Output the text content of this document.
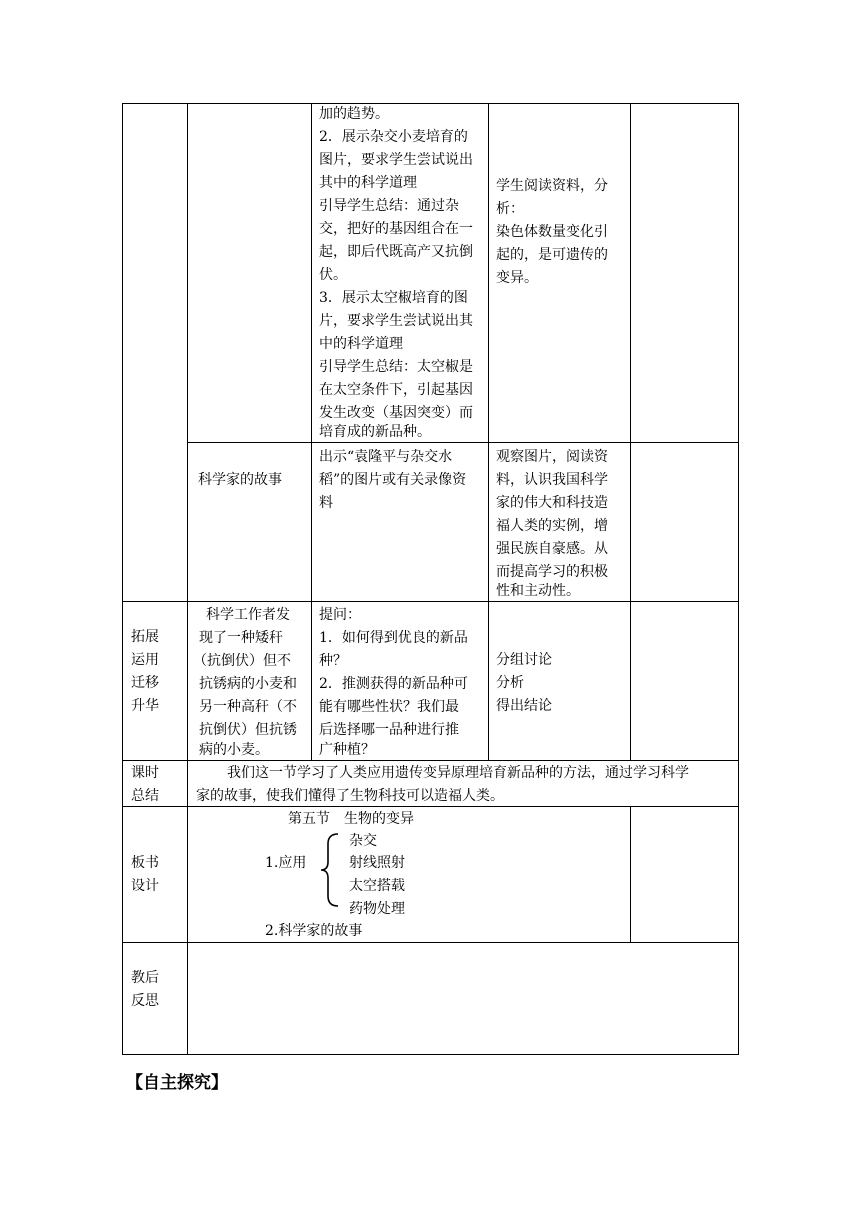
加的趋势。
2．展示杂交小麦培育的
图片，要求学生尝试说出
其中的科学道理
引导学生总结：通过杂
交，把好的基因组合在一
起，即后代既高产又抗倒
伏。
3．展示太空椒培育的图
片，要求学生尝试说出其
中的科学道理
引导学生总结：太空椒是
在太空条件下，引起基因
发生改变（基因突变）而
培育成的新品种。
学生阅读资料，分
析：
染色体数量变化引
起的，是可遗传的
变异。
科学家的故事
出示“袁隆平与杂交水
稻”的图片或有关录像资
料
观察图片，阅读资
料，认识我国科学
家的伟大和科技造
福人类的实例，增
强民族自豪感。从
而提高学习的积极
性和主动性。
拓展
运用
迁移
升华
科学工作者发
现了一种矮秆
（抗倒伏）但不
抗锈病的小麦和
另一种高秆（不
抗倒伏）但抗锈
病的小麦。
提问：
1．如何得到优良的新品
种？
2．推测获得的新品种可
能有哪些性状？我们最
后选择哪一品种进行推
广种植？
分组讨论
分析
得出结论
课时
总结
我们这一节学习了人类应用遗传变异原理培育新品种的方法，通过学习科学
家的故事，使我们懂得了生物科技可以造福人类。
板书
设计
第五节　生物的变异
1.应用
杂交
射线照射
太空搭载
药物处理
2.科学家的故事
教后
反思
【自主探究】
